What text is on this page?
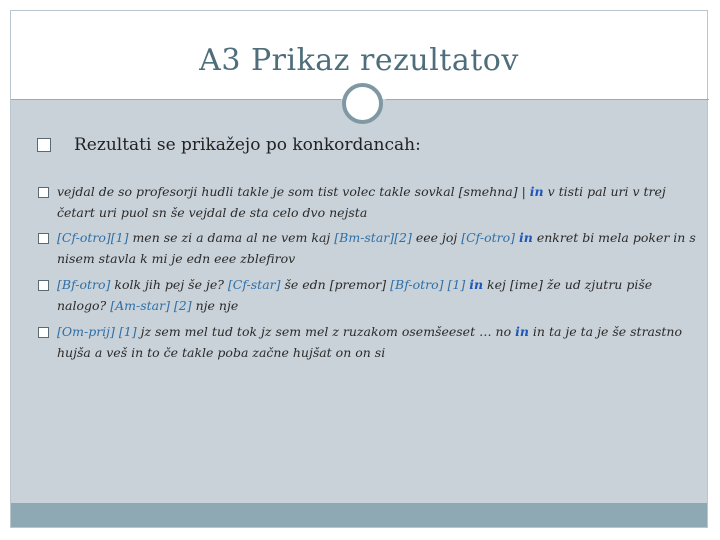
A3 Prikaz rezultatov
Rezultati se prikažejo po konkordancah:
vejdal de so profesorji hudli takle je som tist volec takle sovkal [smehna] | in v tisti pal uri v trej četart uri puol sn še vejdal de sta celo dvo nejsta
[Cf-otro][1] men se zi a dama al ne vem kaj [Bm-star][2] eee joj [Cf-otro] in enkret bi mela poker in s nisem stavla k mi je edn eee zblefirov
[Bf-otro] kolk jih pej še je? [Cf-star] še edn [premor] [Bf-otro] [1] in kej [ime] že ud zjutru piše nalogo? [Am-star] [2] nje nje
[Om-prij] [1] jz sem mel tud tok jz sem mel z ruzakom osemšeeset … no in in ta je ta je še strastno hujša a veš in to če takle poba začne hujšat on on si
